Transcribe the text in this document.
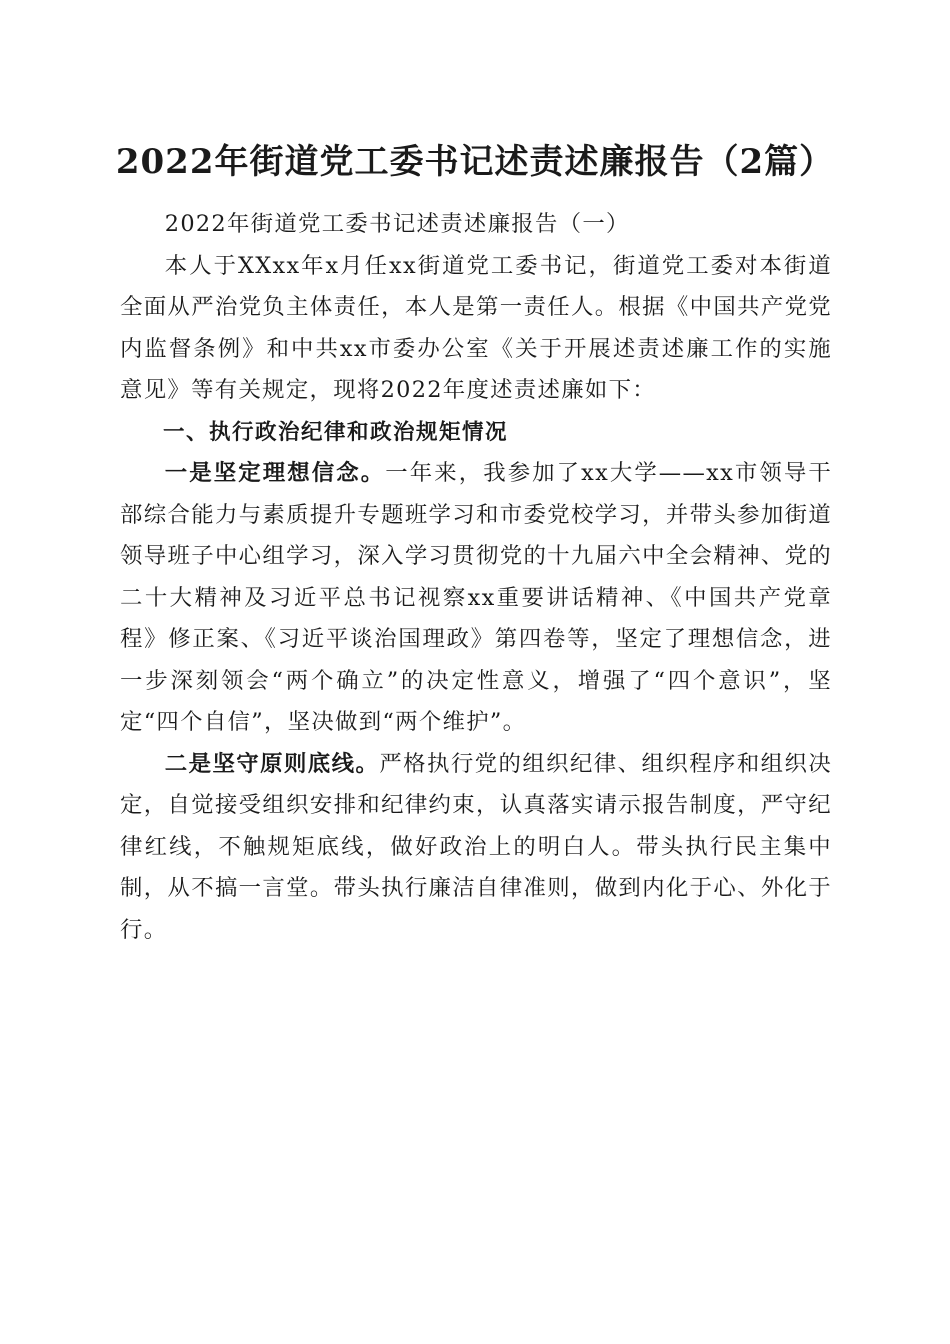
2022年街道党工委书记述责述廉报告（2篇）

2022年街道党工委书记述责述廉报告（一）

本人于XXxx年x月任xx街道党工委书记，街道党工委对本街道全面从严治党负主体责任，本人是第一责任人。根据《中国共产党党内监督条例》和中共xx市委办公室《关于开展述责述廉工作的实施意见》等有关规定，现将2022年度述责述廉如下：

一、执行政治纪律和政治规矩情况

一是坚定理想信念。一年来，我参加了xx大学——xx市领导干部综合能力与素质提升专题班学习和市委党校学习，并带头参加街道领导班子中心组学习，深入学习贯彻党的十九届六中全会精神、党的二十大精神及习近平总书记视察xx重要讲话精神、《中国共产党章程》修正案、《习近平谈治国理政》第四卷等，坚定了理想信念，进一步深刻领会“两个确立”的决定性意义，增强了“四个意识”，坚定“四个自信”，坚决做到“两个维护”。

二是坚守原则底线。严格执行党的组织纪律、组织程序和组织决定，自觉接受组织安排和纪律约束，认真落实请示报告制度，严守纪律红线，不触规矩底线，做好政治上的明白人。带头执行民主集中制，从不搞一言堂。带头执行廉洁自律准则，做到内化于心、外化于行。
